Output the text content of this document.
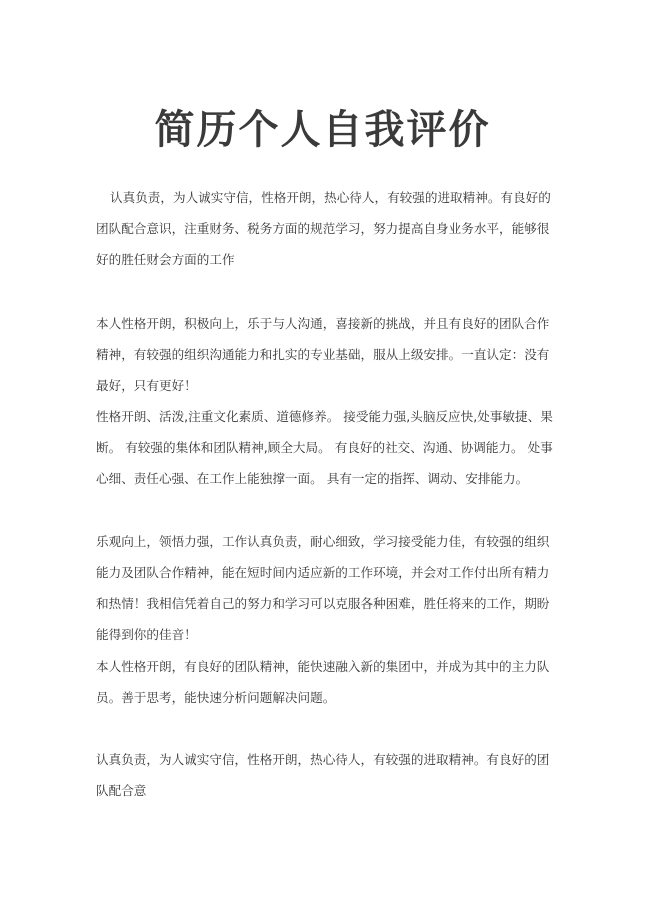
简历个人自我评价

认真负责，为人诚实守信，性格开朗，热心待人，有较强的进取精神。有良好的团队配合意识，注重财务、税务方面的规范学习，努力提高自身业务水平，能够很好的胜任财会方面的工作

本人性格开朗，积极向上，乐于与人沟通，喜接新的挑战，并且有良好的团队合作精神，有较强的组织沟通能力和扎实的专业基础，服从上级安排。一直认定：没有最好，只有更好！

性格开朗、活泼,注重文化素质、道德修养。 接受能力强,头脑反应快,处事敏捷、果断。 有较强的集体和团队精神,顾全大局。 有良好的社交、沟通、协调能力。 处事心细、责任心强、在工作上能独撑一面。 具有一定的指挥、调动、安排能力。

乐观向上，领悟力强，工作认真负责，耐心细致，学习接受能力佳，有较强的组织能力及团队合作精神，能在短时间内适应新的工作环境，并会对工作付出所有精力和热情！我相信凭着自己的努力和学习可以克服各种困难，胜任将来的工作，期盼能得到你的佳音！

本人性格开朗，有良好的团队精神，能快速融入新的集团中，并成为其中的主力队员。善于思考，能快速分析问题解决问题。

认真负责，为人诚实守信，性格开朗，热心待人，有较强的进取精神。有良好的团队配合意
